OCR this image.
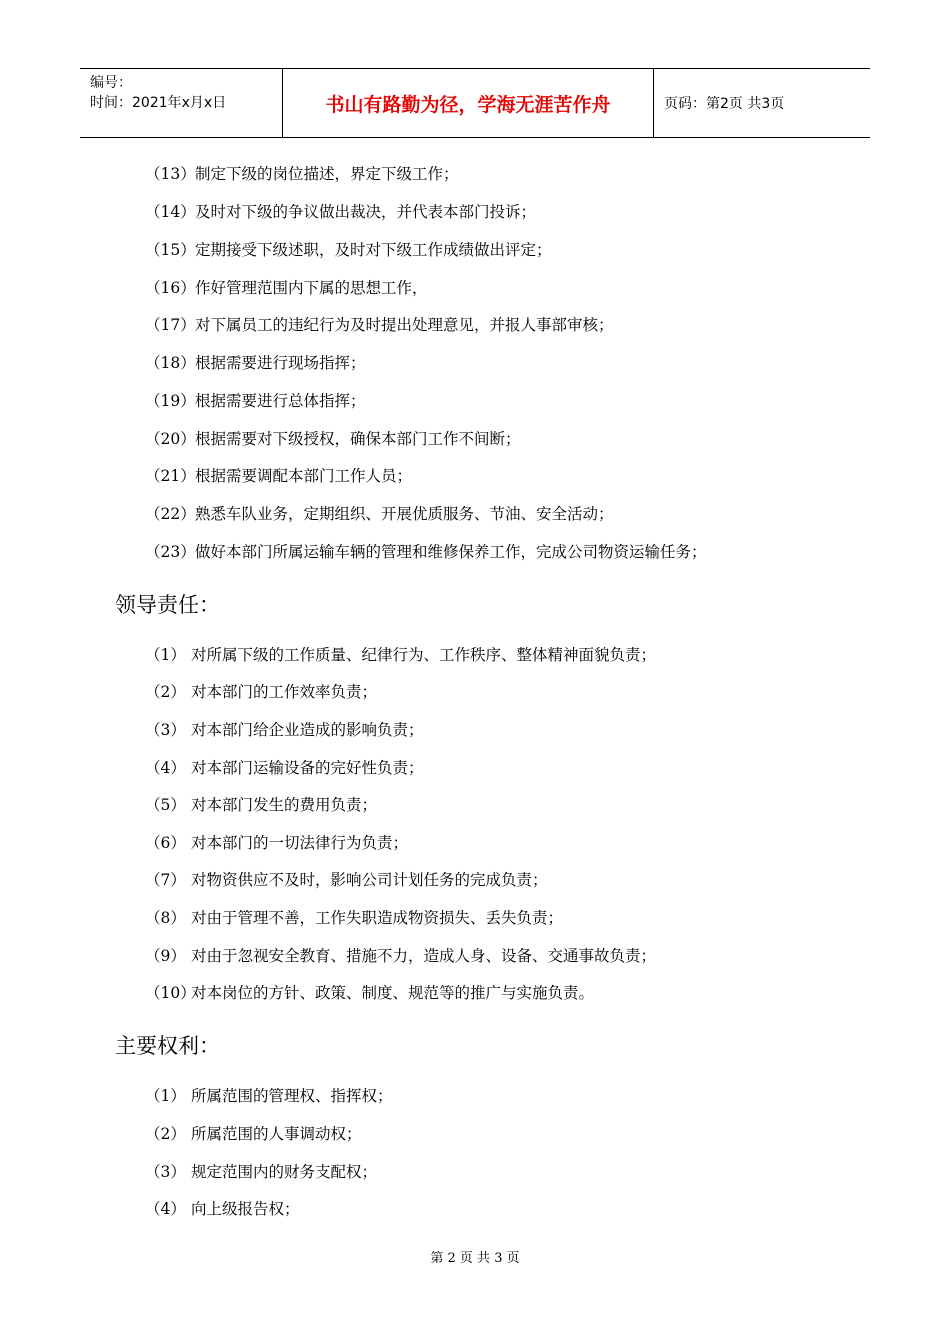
编号：
时间：2021年x月x日	书山有路勤为径，学海无涯苦作舟	页码：第2页 共3页
（13）制定下级的岗位描述，界定下级工作；
（14）及时对下级的争议做出裁决，并代表本部门投诉；
（15）定期接受下级述职，及时对下级工作成绩做出评定；
（16）作好管理范围内下属的思想工作，
（17）对下属员工的违纪行为及时提出处理意见，并报人事部审核；
（18）根据需要进行现场指挥；
（19）根据需要进行总体指挥；
（20）根据需要对下级授权，确保本部门工作不间断；
（21）根据需要调配本部门工作人员；
（22）熟悉车队业务，定期组织、开展优质服务、节油、安全活动；
（23）做好本部门所属运输车辆的管理和维修保养工作，完成公司物资运输任务；
领导责任：
（1） 对所属下级的工作质量、纪律行为、工作秩序、整体精神面貌负责；
（2） 对本部门的工作效率负责；
（3） 对本部门给企业造成的影响负责；
（4） 对本部门运输设备的完好性负责；
（5） 对本部门发生的费用负责；
（6） 对本部门的一切法律行为负责；
（7） 对物资供应不及时，影响公司计划任务的完成负责；
（8） 对由于管理不善，工作失职造成物资损失、丢失负责；
（9） 对由于忽视安全教育、措施不力，造成人身、设备、交通事故负责；
（10）对本岗位的方针、政策、制度、规范等的推广与实施负责。
主要权利：
（1） 所属范围的管理权、指挥权；
（2） 所属范围的人事调动权；
（3） 规定范围内的财务支配权；
（4） 向上级报告权；
第 2 页 共 3 页
